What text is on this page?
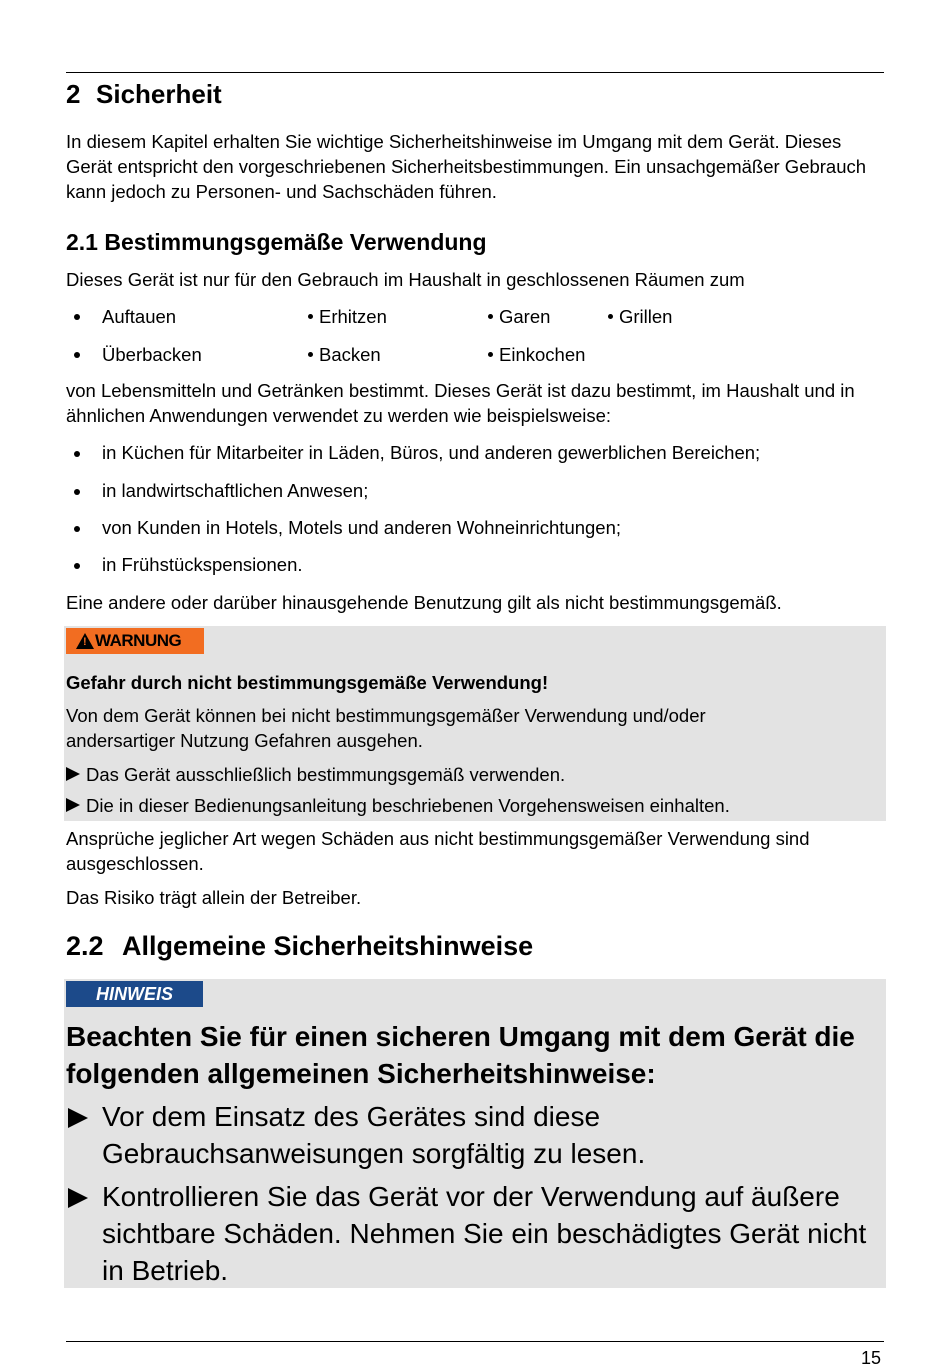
2 Sicherheit

In diesem Kapitel erhalten Sie wichtige Sicherheitshinweise im Umgang mit dem Gerät. Dieses Gerät entspricht den vorgeschriebenen Sicherheitsbestimmungen. Ein unsachgemäßer Gebrauch kann jedoch zu Personen- und Sachschäden führen.

2.1 Bestimmungsgemäße Verwendung

Dieses Gerät ist nur für den Gebrauch im Haushalt in geschlossenen Räumen zum

Auftauen	Erhitzen	Garen	Grillen
Überbacken	Backen	Einkochen

von Lebensmitteln und Getränken bestimmt. Dieses Gerät ist dazu bestimmt, im Haushalt und in ähnlichen Anwendungen verwendet zu werden wie beispielsweise:

in Küchen für Mitarbeiter in Läden, Büros, und anderen gewerblichen Bereichen;
in landwirtschaftlichen Anwesen;
von Kunden in Hotels, Motels und anderen Wohneinrichtungen;
in Frühstückspensionen.

Eine andere oder darüber hinausgehende Benutzung gilt als nicht bestimmungsgemäß.

! WARNUNG

Gefahr durch nicht bestimmungsgemäße Verwendung!

Von dem Gerät können bei nicht bestimmungsgemäßer Verwendung und/oder andersartiger Nutzung Gefahren ausgehen.

Das Gerät ausschließlich bestimmungsgemäß verwenden.
Die in dieser Bedienungsanleitung beschriebenen Vorgehensweisen einhalten.

Ansprüche jeglicher Art wegen Schäden aus nicht bestimmungsgemäßer Verwendung sind ausgeschlossen.

Das Risiko trägt allein der Betreiber.

2.2 Allgemeine Sicherheitshinweise
HINWEIS

Beachten Sie für einen sicheren Umgang mit dem Gerät die folgenden allgemeinen Sicherheitshinweise:

Vor dem Einsatz des Gerätes sind diese Gebrauchsanweisungen sorgfältig zu lesen.

Kontrollieren Sie das Gerät vor der Verwendung auf äußere sichtbare Schäden. Nehmen Sie ein beschädigtes Gerät nicht in Betrieb.

15
